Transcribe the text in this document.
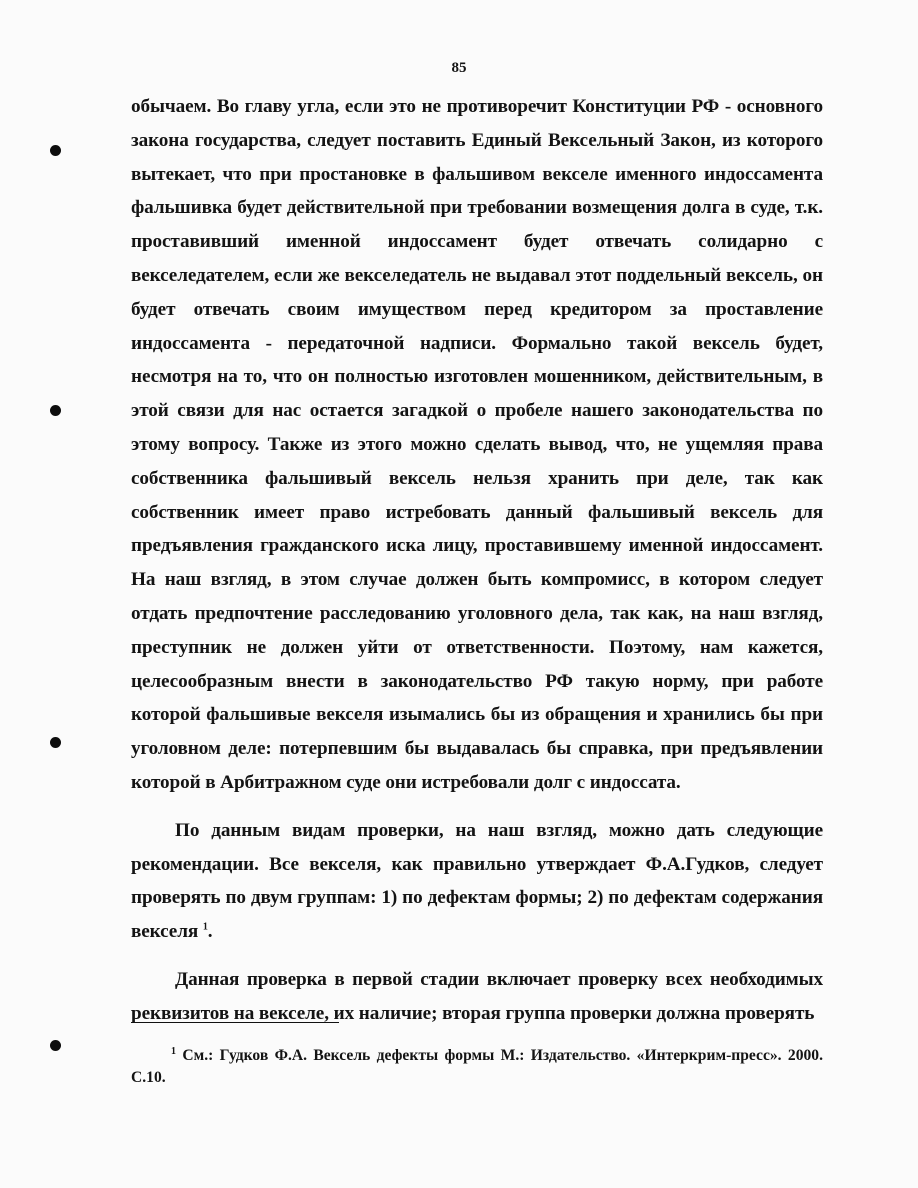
85

обычаем. Во главу угла, если это не противоречит Конституции РФ - основного закона государства, следует поставить Единый Вексельный Закон, из которого вытекает, что при простановке в фальшивом векселе именного индоссамента фальшивка будет действительной при требовании возмещения долга в суде, т.к. проставивший именной индоссамент будет отвечать солидарно с векселедателем, если же векселедатель не выдавал этот поддельный вексель, он будет отвечать своим имуществом перед кредитором за проставление индоссамента - передаточной надписи. Формально такой вексель будет, несмотря на то, что он полностью изготовлен мошенником, действительным, в этой связи для нас остается загадкой о пробеле нашего законодательства по этому вопросу. Также из этого можно сделать вывод, что, не ущемляя права собственника фальшивый вексель нельзя хранить при деле, так как собственник имеет право истребовать данный фальшивый вексель для предъявления гражданского иска лицу, проставившему именной индоссамент. На наш взгляд, в этом случае должен быть компромисс, в котором следует отдать предпочтение расследованию уголовного дела, так как, на наш взгляд, преступник не должен уйти от ответственности. Поэтому, нам кажется, целесообразным внести в законодательство РФ такую норму, при работе которой фальшивые векселя изымались бы из обращения и хранились бы при уголовном деле: потерпевшим бы выдавалась бы справка, при предъявлении которой в Арбитражном суде они истребовали долг с индоссата.

По данным видам проверки, на наш взгляд, можно дать следующие рекомендации. Все векселя, как правильно утверждает Ф.А.Гудков, следует проверять по двум группам: 1) по дефектам формы; 2) по дефектам содержания векселя $^1$.

Данная проверка в первой стадии включает проверку всех необходимых реквизитов на векселе, их наличие; вторая группа проверки должна проверять

$^1$ См.: Гудков Ф.А. Вексель дефекты формы М.: Издательство. «Интеркрим-пресс». 2000. С.10.
